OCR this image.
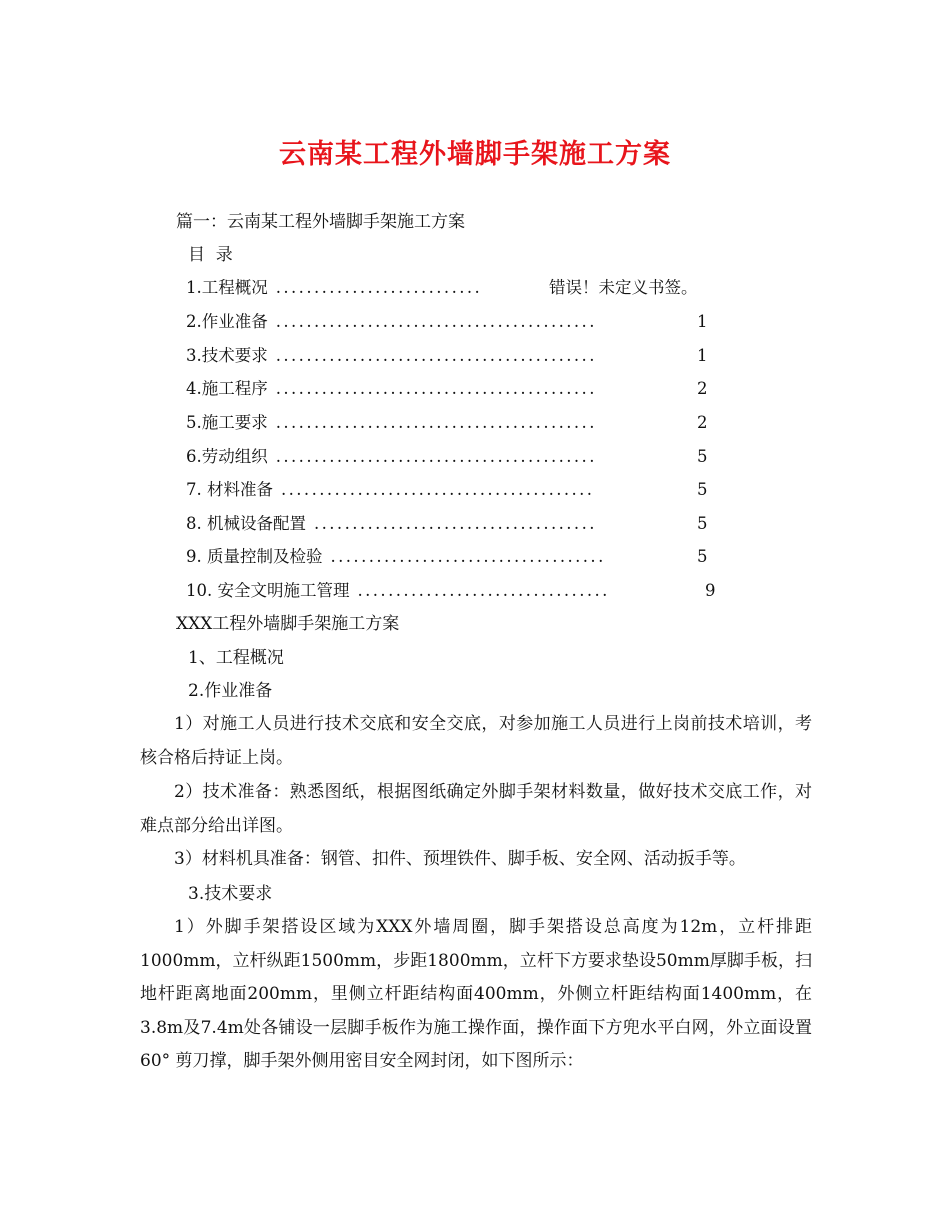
云南某工程外墙脚手架施工方案
篇一：云南某工程外墙脚手架施工方案
目  录
1.工程概况 ...........................	错误！未定义书签。
2.作业准备 ..........................................	1
3.技术要求 ..........................................	1
4.施工程序 ..........................................	2
5.施工要求 ..........................................	2
6.劳动组织 ..........................................	5
7. 材料准备 .........................................	5
8. 机械设备配置 .....................................	5
9. 质量控制及检验 ....................................	5
10. 安全文明施工管理 .................................	9
XXX工程外墙脚手架施工方案
1、工程概况
2.作业准备

1）对施工人员进行技术交底和安全交底，对参加施工人员进行上岗前技术培训，考核合格后持证上岗。

2）技术准备：熟悉图纸，根据图纸确定外脚手架材料数量，做好技术交底工作，对难点部分给出详图。

3）材料机具准备：钢管、扣件、预埋铁件、脚手板、安全网、活动扳手等。

3.技术要求

1）外脚手架搭设区域为XXX外墙周圈，脚手架搭设总高度为12m，立杆排距1000mm，立杆纵距1500mm，步距1800mm，立杆下方要求垫设50mm厚脚手板，扫地杆距离地面200mm，里侧立杆距结构面400mm，外侧立杆距结构面1400mm，在3.8m及7.4m处各铺设一层脚手板作为施工操作面，操作面下方兜水平白网，外立面设置60° 剪刀撑，脚手架外侧用密目安全网封闭，如下图所示：
